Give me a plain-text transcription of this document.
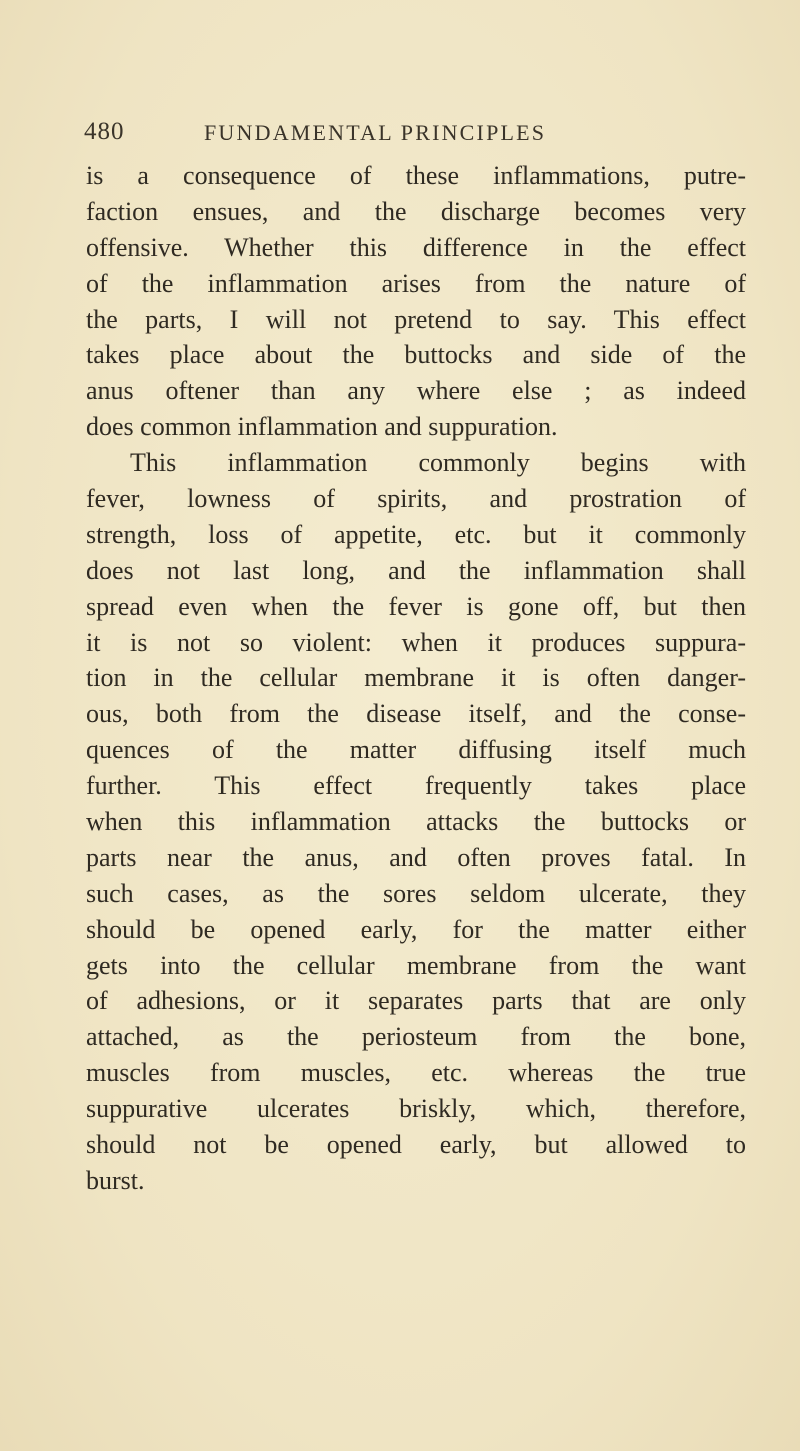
480	FUNDAMENTAL PRINCIPLES
is a consequence of these inflammations, putre-
faction ensues, and the discharge becomes very
offensive. Whether this difference in the effect
of the inflammation arises from the nature of
the parts, I will not pretend to say. This effect
takes place about the buttocks and side of the
anus oftener than any where else ; as indeed
does common inflammation and suppuration.
This inflammation commonly begins with
fever, lowness of spirits, and prostration of
strength, loss of appetite, etc. but it commonly
does not last long, and the inflammation shall
spread even when the fever is gone off, but then
it is not so violent: when it produces suppura-
tion in the cellular membrane it is often danger-
ous, both from the disease itself, and the conse-
quences of the matter diffusing itself much
further. This effect frequently takes place
when this inflammation attacks the buttocks or
parts near the anus, and often proves fatal. In
such cases, as the sores seldom ulcerate, they
should be opened early, for the matter either
gets into the cellular membrane from the want
of adhesions, or it separates parts that are only
attached, as the periosteum from the bone,
muscles from muscles, etc. whereas the true
suppurative ulcerates briskly, which, therefore,
should not be opened early, but allowed to
burst.
